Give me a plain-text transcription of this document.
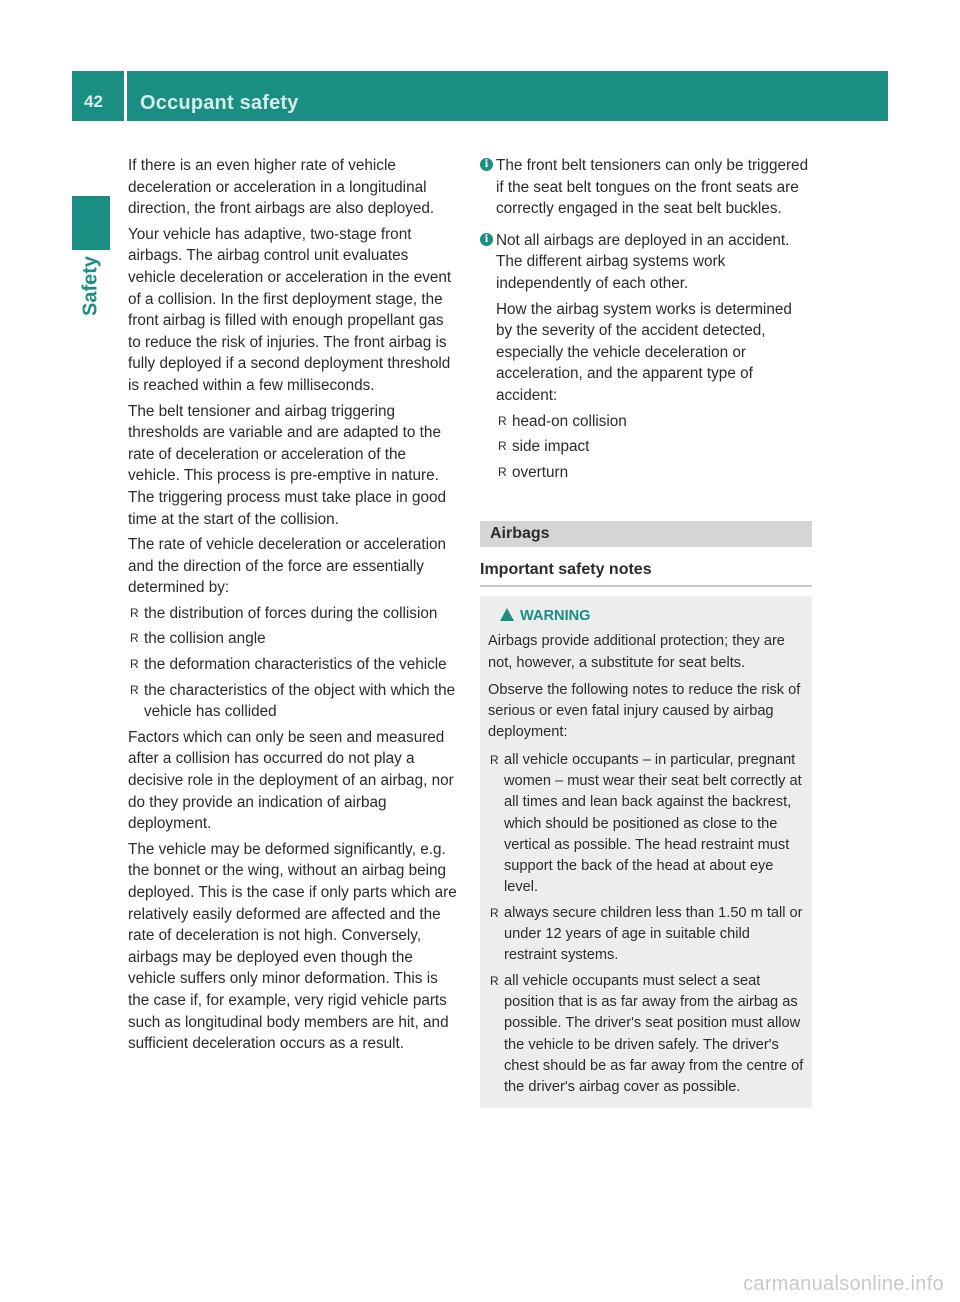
42 Occupant safety
Safety

If there is an even higher rate of vehicle deceleration or acceleration in a longitudinal direction, the front airbags are also deployed.

Your vehicle has adaptive, two-stage front airbags. The airbag control unit evaluates vehicle deceleration or acceleration in the event of a collision. In the first deployment stage, the front airbag is filled with enough propellant gas to reduce the risk of injuries. The front airbag is fully deployed if a second deployment threshold is reached within a few milliseconds.

The belt tensioner and airbag triggering thresholds are variable and are adapted to the rate of deceleration or acceleration of the vehicle. This process is pre-emptive in nature. The triggering process must take place in good time at the start of the collision.

The rate of vehicle deceleration or acceleration and the direction of the force are essentially determined by:

R the distribution of forces during the collision
R the collision angle
R the deformation characteristics of the vehicle
R the characteristics of the object with which the vehicle has collided

Factors which can only be seen and measured after a collision has occurred do not play a decisive role in the deployment of an airbag, nor do they provide an indication of airbag deployment.

The vehicle may be deformed significantly, e.g. the bonnet or the wing, without an airbag being deployed. This is the case if only parts which are relatively easily deformed are affected and the rate of deceleration is not high. Conversely, airbags may be deployed even though the vehicle suffers only minor deformation. This is the case if, for example, very rigid vehicle parts such as longitudinal body members are hit, and sufficient deceleration occurs as a result.

i The front belt tensioners can only be triggered if the seat belt tongues on the front seats are correctly engaged in the seat belt buckles.
i Not all airbags are deployed in an accident. The different airbag systems work independently of each other.

How the airbag system works is determined by the severity of the accident detected, especially the vehicle deceleration or acceleration, and the apparent type of accident:

R head-on collision
R side impact
R overturn
Airbags
Important safety notes
WARNING

Airbags provide additional protection; they are not, however, a substitute for seat belts.

Observe the following notes to reduce the risk of serious or even fatal injury caused by airbag deployment:

R all vehicle occupants – in particular, pregnant women – must wear their seat belt correctly at all times and lean back against the backrest, which should be positioned as close to the vertical as possible. The head restraint must support the back of the head at about eye level.
R always secure children less than 1.50 m tall or under 12 years of age in suitable child restraint systems.
R all vehicle occupants must select a seat position that is as far away from the airbag as possible. The driver's seat position must allow the vehicle to be driven safely. The driver's chest should be as far away from the centre of the driver's airbag cover as possible.
carmanualsonline.info
